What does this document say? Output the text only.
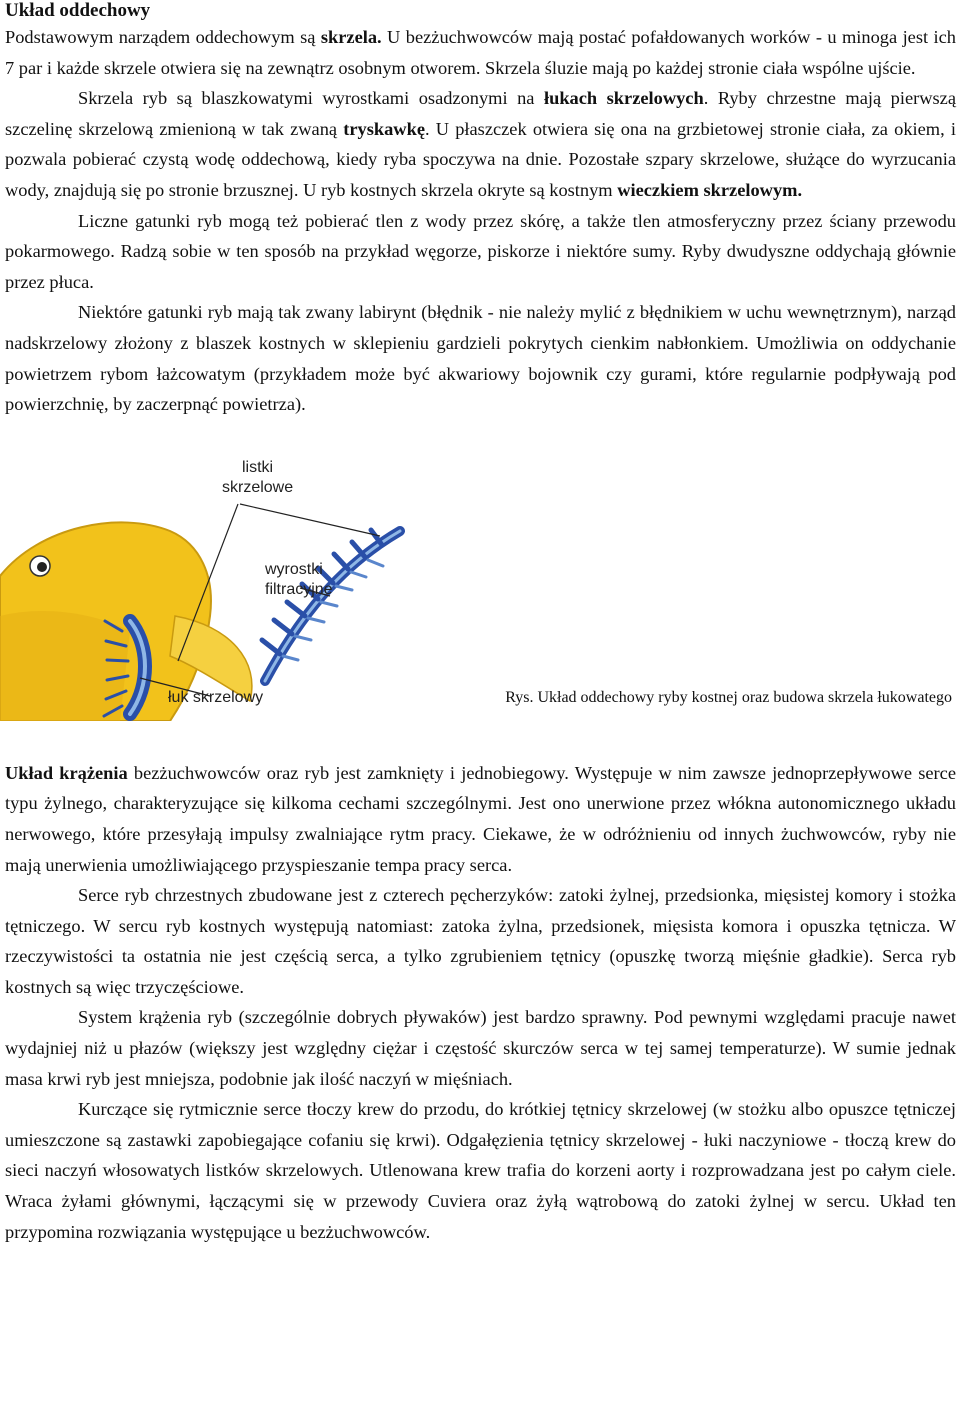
Układ oddechowy

Podstawowym narządem oddechowym są skrzela. U bezżuchwowców mają postać pofałdowanych worków - u minoga jest ich 7 par i każde skrzele otwiera się na zewnątrz osobnym otworem. Skrzela śluzie mają po każdej stronie ciała wspólne ujście.

Skrzela ryb są blaszkowatymi wyrostkami osadzonymi na łukach skrzelowych. Ryby chrzestne mają pierwszą szczelinę skrzelową zmienioną w tak zwaną tryskawkę. U płaszczek otwiera się ona na grzbietowej stronie ciała, za okiem, i pozwala pobierać czystą wodę oddechową, kiedy ryba spoczywa na dnie. Pozostałe szpary skrzelowe, służące do wyrzucania wody, znajdują się po stronie brzusznej. U ryb kostnych skrzela okryte są kostnym wieczkiem skrzelowym.

Liczne gatunki ryb mogą też pobierać tlen z wody przez skórę, a także tlen atmosferyczny przez ściany przewodu pokarmowego. Radzą sobie w ten sposób na przykład węgorze, piskorze i niektóre sumy. Ryby dwudyszne oddychają głównie przez płuca.

Niektóre gatunki ryb mają tak zwany labirynt (błędnik - nie należy mylić z błędnikiem w uchu wewnętrznym), narząd nadskrzelowy złożony z blaszek kostnych w sklepieniu gardzieli pokrytych cienkim nabłonkiem. Umożliwia on oddychanie powietrzem rybom łażcowatym (przykładem może być akwariowy bojownik czy gurami, które regularnie podpływają pod powierzchnię, by zaczerpnąć powietrza).

listki
skrzelowe
wyrostki
filtracyjne
łuk skrzelowy	Rys. Układ oddechowy ryby kostnej oraz budowa skrzela łukowatego

Układ krążenia bezżuchwowców oraz ryb jest zamknięty i jednobiegowy. Występuje w nim zawsze jednoprzepływowe serce typu żylnego, charakteryzujące się kilkoma cechami szczególnymi. Jest ono unerwione przez włókna autonomicznego układu nerwowego, które przesyłają impulsy zwalniające rytm pracy. Ciekawe, że w odróżnieniu od innych żuchwowców, ryby nie mają unerwienia umożliwiającego przyspieszanie tempa pracy serca.

Serce ryb chrzestnych zbudowane jest z czterech pęcherzyków: zatoki żylnej, przedsionka, mięsistej komory i stożka tętniczego. W sercu ryb kostnych występują natomiast: zatoka żylna, przedsionek, mięsista komora i opuszka tętnicza. W rzeczywistości ta ostatnia nie jest częścią serca, a tylko zgrubieniem tętnicy (opuszkę tworzą mięśnie gładkie). Serca ryb kostnych są więc trzyczęściowe.

System krążenia ryb (szczególnie dobrych pływaków) jest bardzo sprawny. Pod pewnymi względami pracuje nawet wydajniej niż u płazów (większy jest względny ciężar i częstość skurczów serca w tej samej temperaturze). W sumie jednak masa krwi ryb jest mniejsza, podobnie jak ilość naczyń w mięśniach.

Kurczące się rytmicznie serce tłoczy krew do przodu, do krótkiej tętnicy skrzelowej (w stożku albo opuszce tętniczej umieszczone są zastawki zapobiegające cofaniu się krwi). Odgałęzienia tętnicy skrzelowej - łuki naczyniowe - tłoczą krew do sieci naczyń włosowatych listków skrzelowych. Utlenowana krew trafia do korzeni aorty i rozprowadzana jest po całym ciele. Wraca żyłami głównymi, łączącymi się w przewody Cuviera oraz żyłą wątrobową do zatoki żylnej w sercu. Układ ten przypomina rozwiązania występujące u bezżuchwowców.
